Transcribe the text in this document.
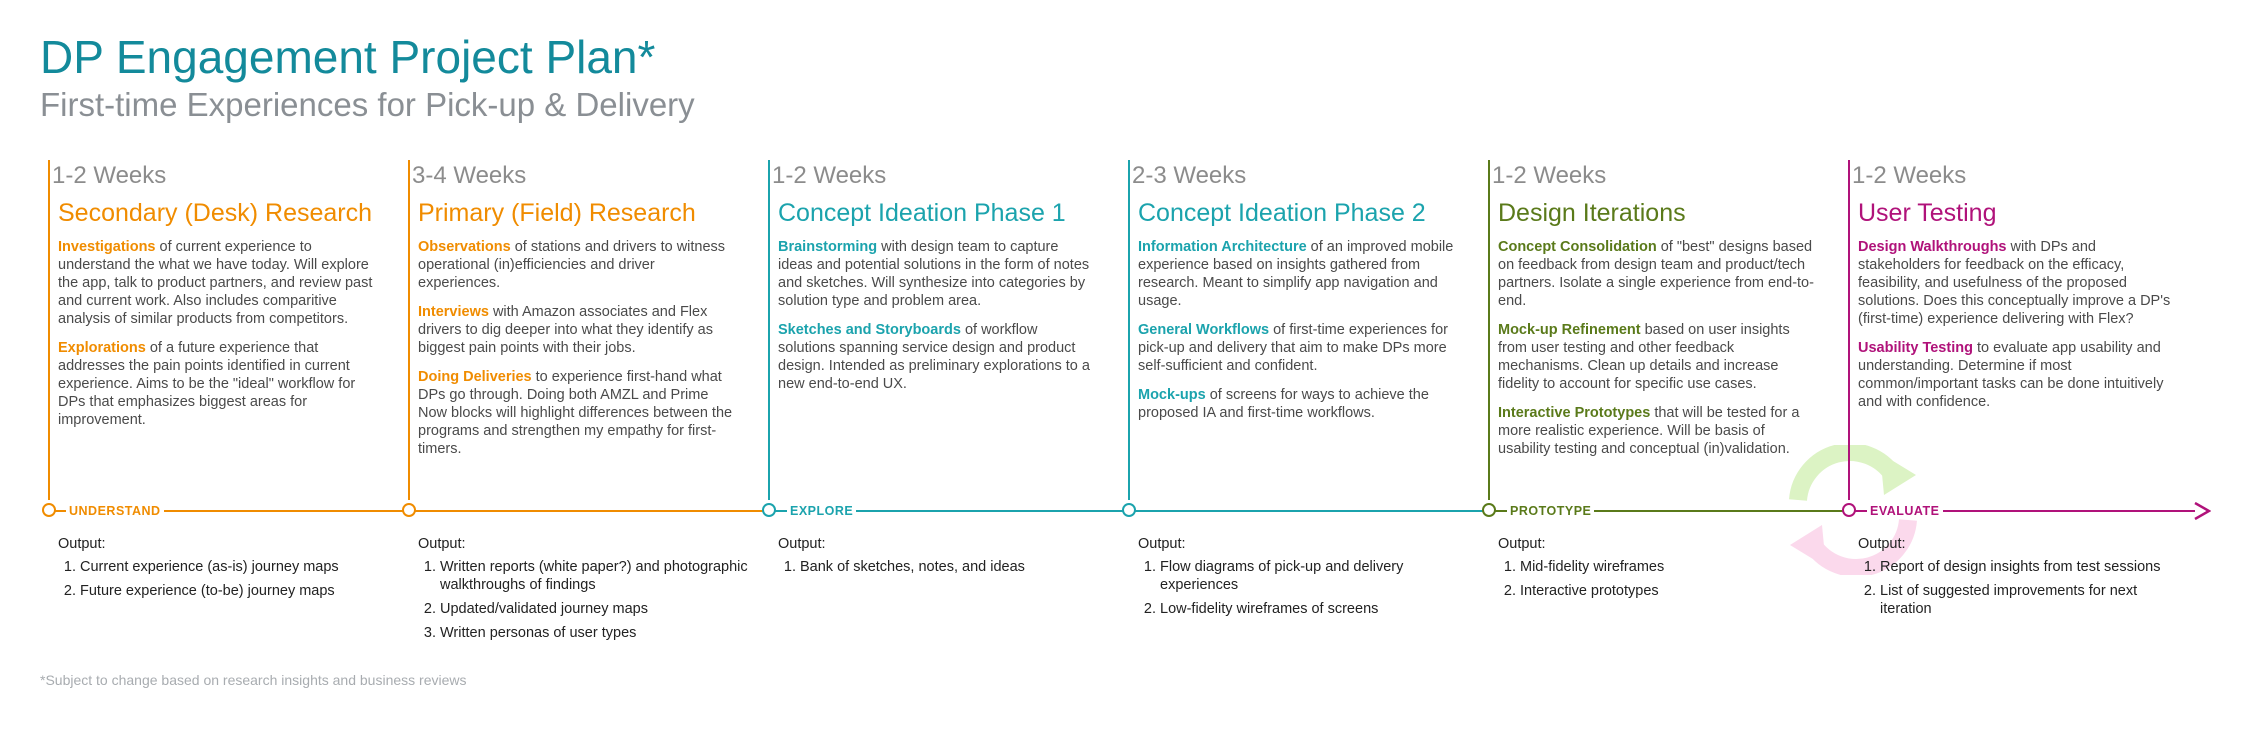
DP Engagement Project Plan*
First-time Experiences for Pick-up & Delivery
UNDERSTAND	EXPLORE	PROTOTYPE	EVALUATE
1-2 Weeks
Secondary (Desk) Research

Investigations of current experience to understand the what we have today. Will explore the app, talk to product partners, and review past and current work. Also includes comparitive analysis of similar products from competitors.

Explorations of a future experience that addresses the pain points identified in current experience. Aims to be the "ideal" workflow for DPs that emphasizes biggest areas for improvement.

Output:
1. Current experience (as-is) journey maps
2. Future experience (to-be) journey maps
3-4 Weeks
Primary (Field) Research

Observations of stations and drivers to witness operational (in)efficiencies and driver experiences.

Interviews with Amazon associates and Flex drivers to dig deeper into what they identify as biggest pain points with their jobs.

Doing Deliveries to experience first-hand what DPs go through. Doing both AMZL and Prime Now blocks will highlight differences between the programs and strengthen my empathy for first-timers.

Output:
1. Written reports (white paper?) and photographic walkthroughs of findings
2. Updated/validated journey maps
3. Written personas of user types
1-2 Weeks
Concept Ideation Phase 1

Brainstorming with design team to capture ideas and potential solutions in the form of notes and sketches. Will synthesize into categories by solution type and problem area.

Sketches and Storyboards of workflow solutions spanning service design and product design. Intended as preliminary explorations to a new end-to-end UX.

Output:
1. Bank of sketches, notes, and ideas
2-3 Weeks
Concept Ideation Phase 2

Information Architecture of an improved mobile experience based on insights gathered from research. Meant to simplify app navigation and usage.

General Workflows of first-time experiences for pick-up and delivery that aim to make DPs more self-sufficient and confident.

Mock-ups of screens for ways to achieve the proposed IA and first-time workflows.

Output:
1. Flow diagrams of pick-up and delivery experiences
2. Low-fidelity wireframes of screens
1-2 Weeks
Design Iterations

Concept Consolidation of "best" designs based on feedback from design team and product/tech partners. Isolate a single experience from end-to-end.

Mock-up Refinement based on user insights from user testing and other feedback mechanisms. Clean up details and increase fidelity to account for specific use cases.

Interactive Prototypes that will be tested for a more realistic experience. Will be basis of usability testing and conceptual (in)validation.

Output:
1. Mid-fidelity wireframes
2. Interactive prototypes
1-2 Weeks
User Testing

Design Walkthroughs with DPs and stakeholders for feedback on the efficacy, feasibility, and usefulness of the proposed solutions. Does this conceptually improve a DP's (first-time) experience delivering with Flex?

Usability Testing to evaluate app usability and understanding. Determine if most common/important tasks can be done intuitively and with confidence.

Output:
1. Report of design insights from test sessions
2. List of suggested improvements for next iteration
*Subject to change based on research insights and business reviews
